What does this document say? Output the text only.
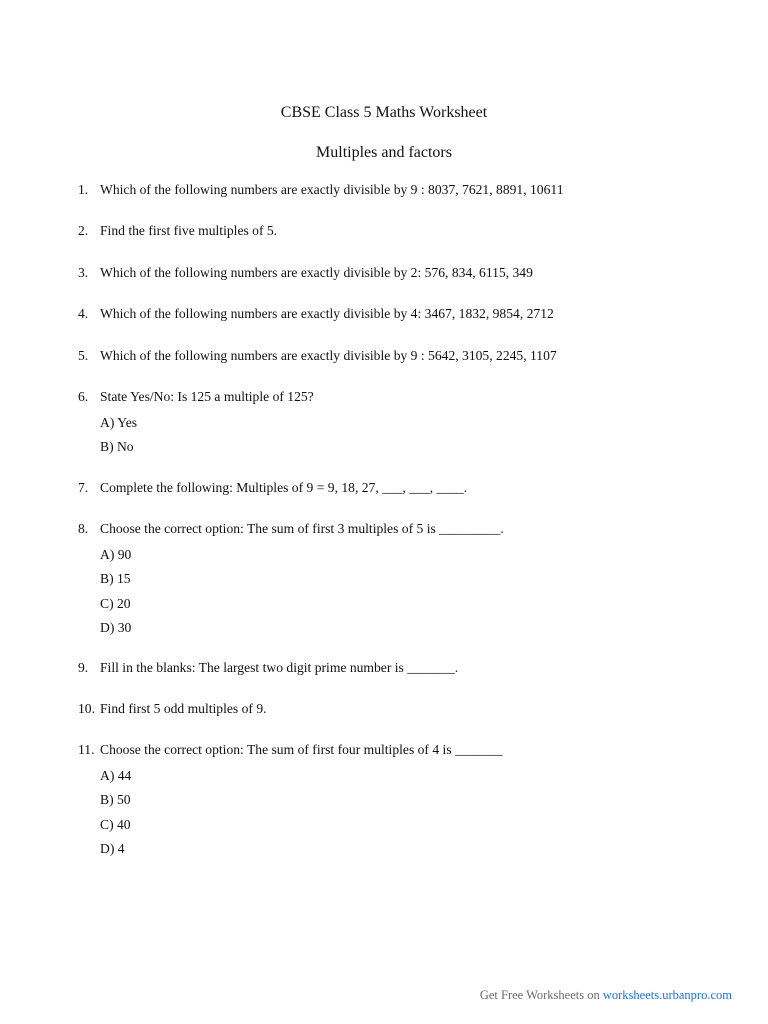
CBSE Class 5 Maths Worksheet
Multiples and factors
1. Which of the following numbers are exactly divisible by 9 : 8037, 7621, 8891, 10611
2. Find the first five multiples of 5.
3. Which of the following numbers are exactly divisible by 2: 576, 834, 6115, 349
4. Which of the following numbers are exactly divisible by 4: 3467, 1832, 9854, 2712
5. Which of the following numbers are exactly divisible by 9 : 5642, 3105, 2245, 1107
6. State Yes/No: Is 125 a multiple of 125?
A) Yes
B) No
7. Complete the following: Multiples of 9 = 9, 18, 27, ___, ___, ____.
8. Choose the correct option: The sum of first 3 multiples of 5 is _________.
A) 90
B) 15
C) 20
D) 30
9. Fill in the blanks: The largest two digit prime number is _______.
10. Find first 5 odd multiples of 9.
11. Choose the correct option: The sum of first four multiples of 4 is _______
A) 44
B) 50
C) 40
D) 4
Get Free Worksheets on worksheets.urbanpro.com
